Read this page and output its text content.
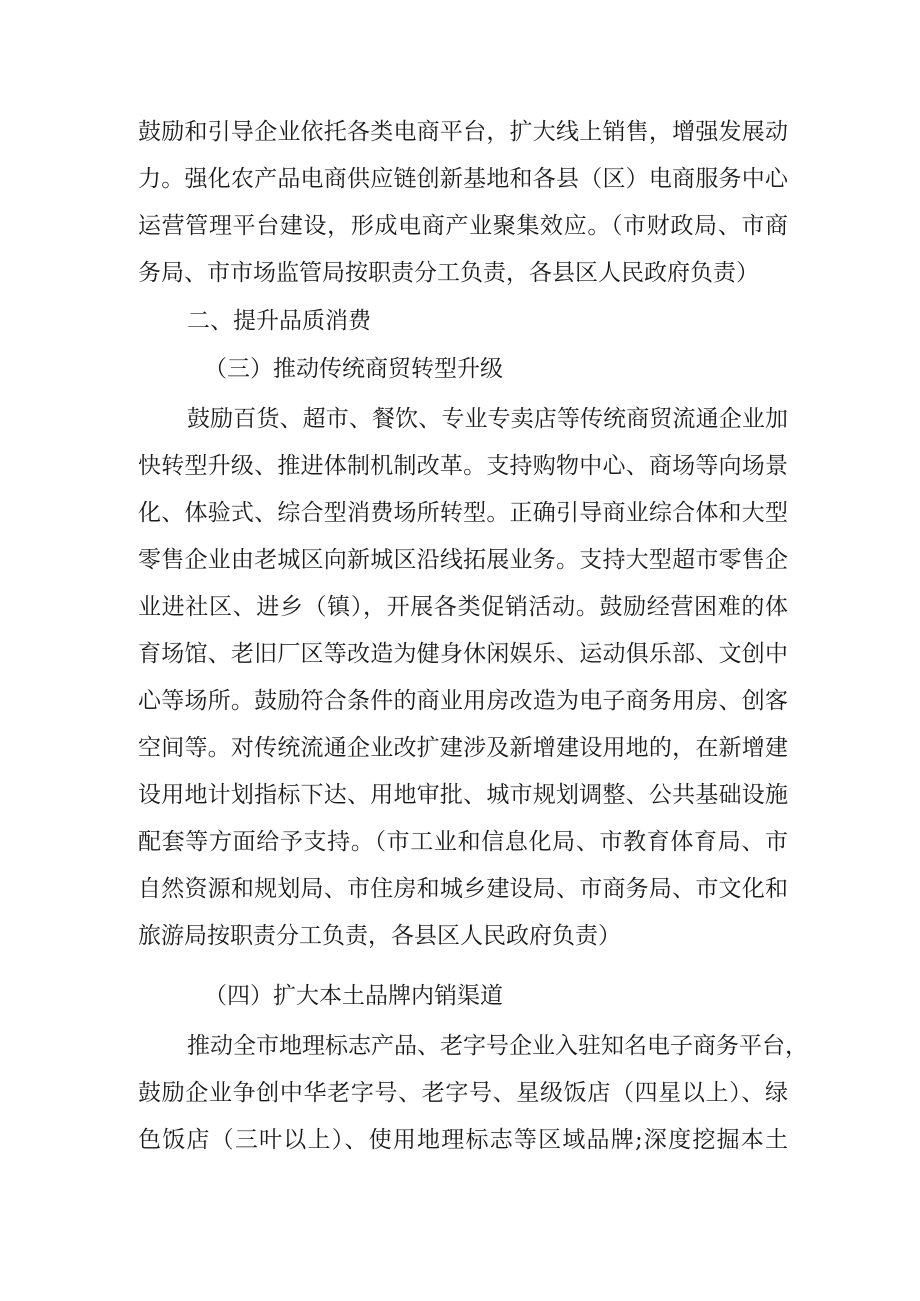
鼓励和引导企业依托各类电商平台，扩大线上销售，增强发展动
力。强化农产品电商供应链创新基地和各县（区）电商服务中心
运营管理平台建设，形成电商产业聚集效应。（市财政局、市商
务局、市市场监管局按职责分工负责，各县区人民政府负责）
二、提升品质消费
（三）推动传统商贸转型升级
鼓励百货、超市、餐饮、专业专卖店等传统商贸流通企业加
快转型升级、推进体制机制改革。支持购物中心、商场等向场景
化、体验式、综合型消费场所转型。正确引导商业综合体和大型
零售企业由老城区向新城区沿线拓展业务。支持大型超市零售企
业进社区、进乡（镇），开展各类促销活动。鼓励经营困难的体
育场馆、老旧厂区等改造为健身休闲娱乐、运动俱乐部、文创中
心等场所。鼓励符合条件的商业用房改造为电子商务用房、创客
空间等。对传统流通企业改扩建涉及新增建设用地的，在新增建
设用地计划指标下达、用地审批、城市规划调整、公共基础设施
配套等方面给予支持。（市工业和信息化局、市教育体育局、市
自然资源和规划局、市住房和城乡建设局、市商务局、市文化和
旅游局按职责分工负责，各县区人民政府负责）
（四）扩大本土品牌内销渠道
推动全市地理标志产品、老字号企业入驻知名电子商务平台，
鼓励企业争创中华老字号、老字号、星级饭店（四星以上）、绿
色饭店（三叶以上）、使用地理标志等区域品牌;深度挖掘本土
